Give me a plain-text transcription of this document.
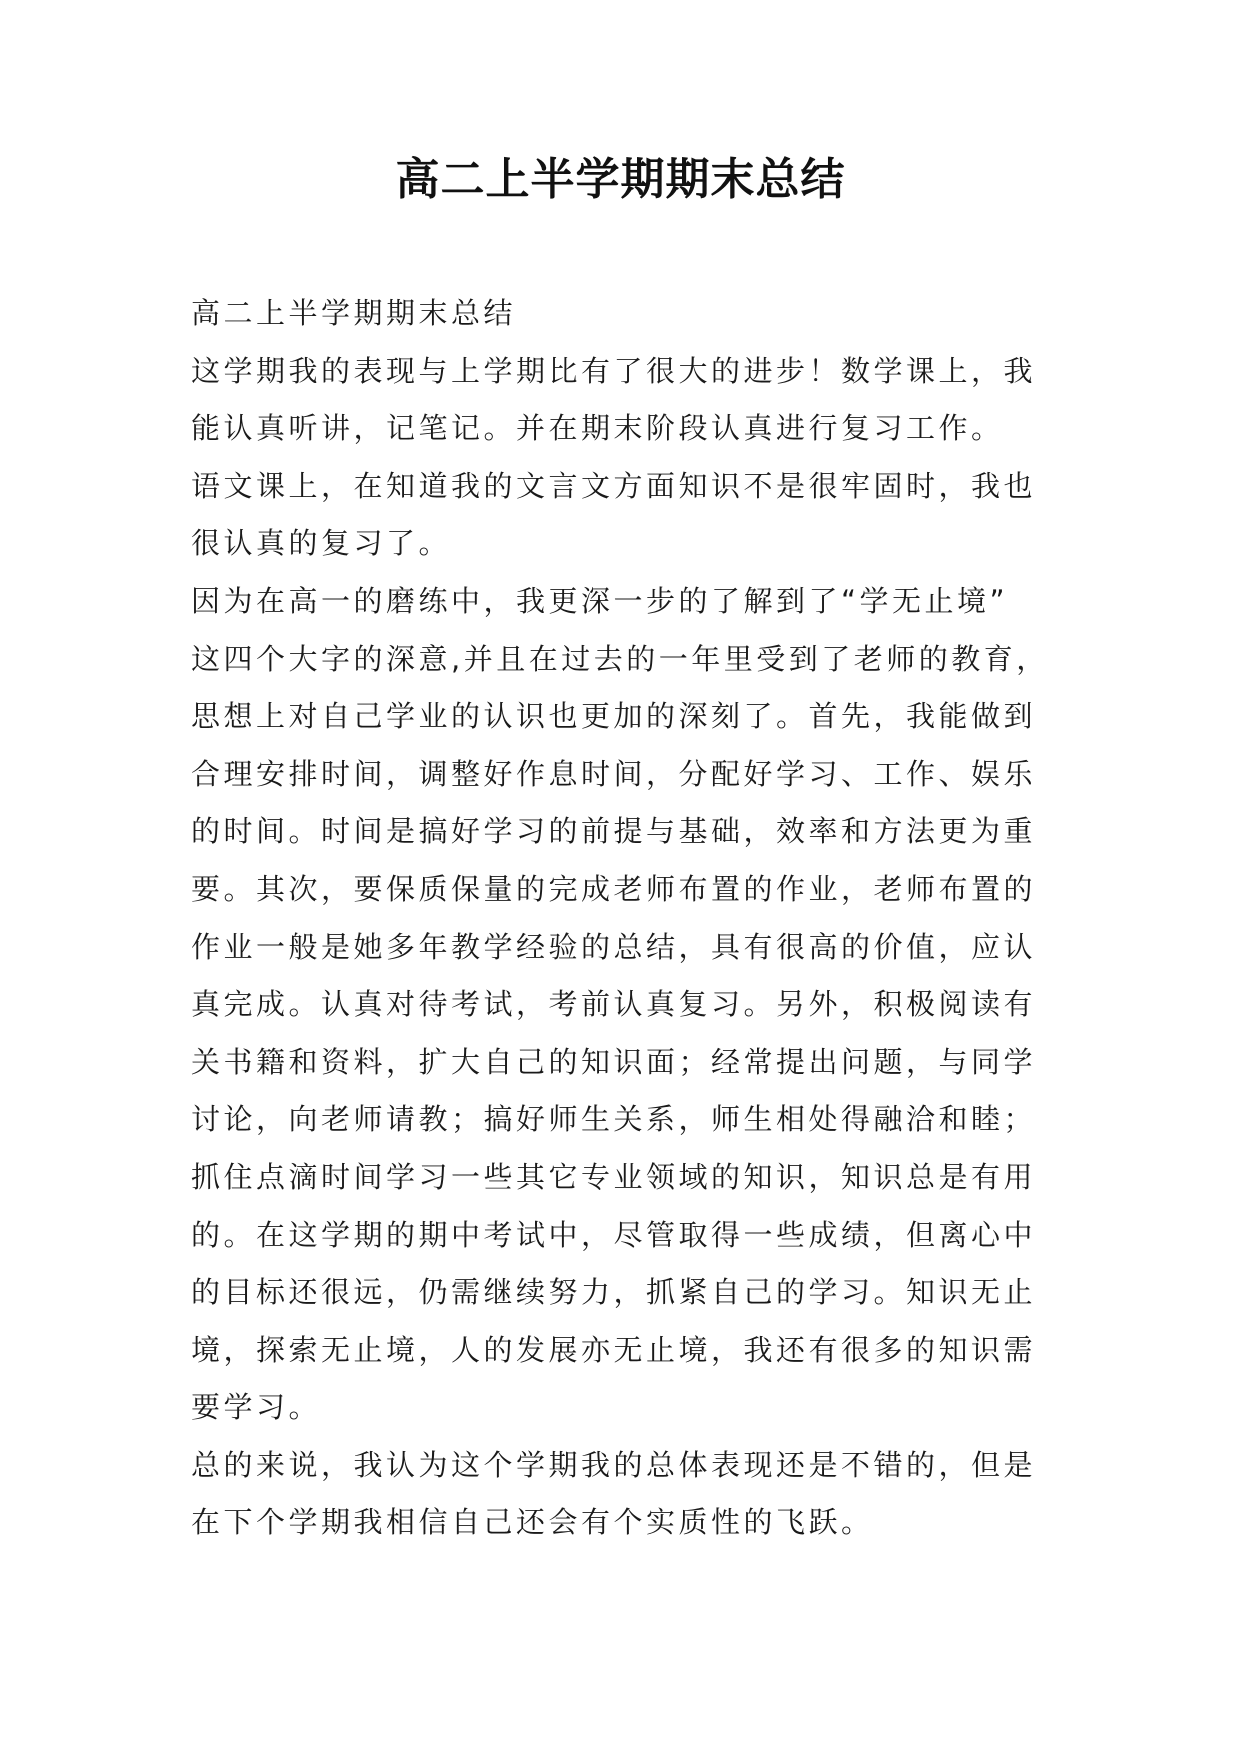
高二上半学期期末总结
高二上半学期期末总结
这学期我的表现与上学期比有了很大的进步！数学课上，我
能认真听讲，记笔记。并在期末阶段认真进行复习工作。
语文课上，在知道我的文言文方面知识不是很牢固时，我也
很认真的复习了。
因为在高一的磨练中，我更深一步的了解到了“学无止境”
这四个大字的深意,并且在过去的一年里受到了老师的教育，
思想上对自己学业的认识也更加的深刻了。首先，我能做到
合理安排时间，调整好作息时间，分配好学习、工作、娱乐
的时间。时间是搞好学习的前提与基础，效率和方法更为重
要。其次，要保质保量的完成老师布置的作业，老师布置的
作业一般是她多年教学经验的总结，具有很高的价值，应认
真完成。认真对待考试，考前认真复习。另外，积极阅读有
关书籍和资料，扩大自己的知识面；经常提出问题，与同学
讨论，向老师请教；搞好师生关系，师生相处得融洽和睦；
抓住点滴时间学习一些其它专业领域的知识，知识总是有用
的。在这学期的期中考试中，尽管取得一些成绩，但离心中
的目标还很远，仍需继续努力，抓紧自己的学习。知识无止
境，探索无止境，人的发展亦无止境，我还有很多的知识需
要学习。
总的来说，我认为这个学期我的总体表现还是不错的，但是
在下个学期我相信自己还会有个实质性的飞跃。
